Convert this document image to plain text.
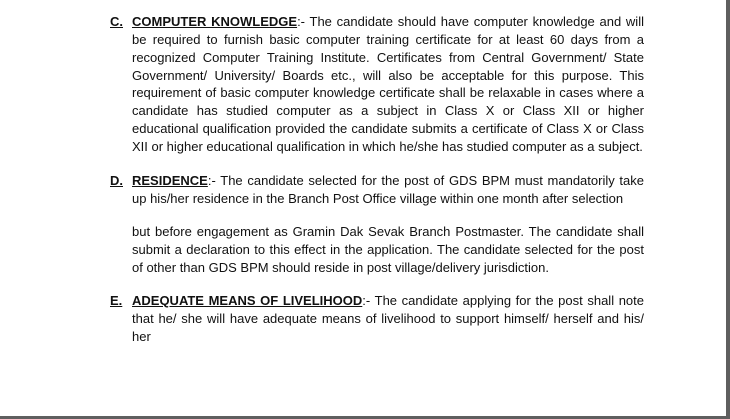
C. COMPUTER KNOWLEDGE:- The candidate should have computer knowledge and will be required to furnish basic computer training certificate for at least 60 days from a recognized Computer Training Institute. Certificates from Central Government/ State Government/ University/ Boards etc., will also be acceptable for this purpose. This requirement of basic computer knowledge certificate shall be relaxable in cases where a candidate has studied computer as a subject in Class X or Class XII or higher educational qualification provided the candidate submits a certificate of Class X or Class XII or higher educational qualification in which he/she has studied computer as a subject.
D. RESIDENCE:- The candidate selected for the post of GDS BPM must mandatorily take up his/her residence in the Branch Post Office village within one month after selection
but before engagement as Gramin Dak Sevak Branch Postmaster. The candidate shall submit a declaration to this effect in the application. The candidate selected for the post of other than GDS BPM should reside in post village/delivery jurisdiction.
E. ADEQUATE MEANS OF LIVELIHOOD:- The candidate applying for the post shall note that he/ she will have adequate means of livelihood to support himself/ herself and his/ her
